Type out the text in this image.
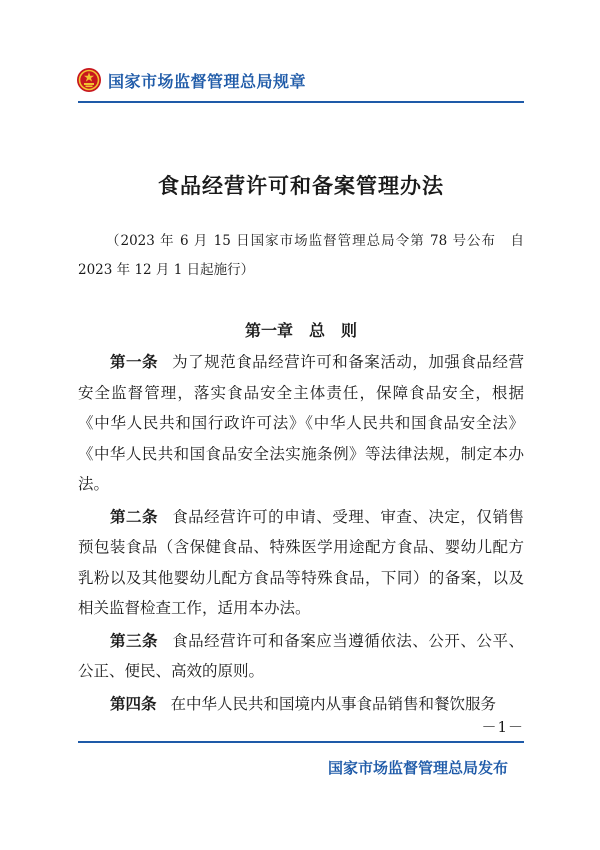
国家市场监督管理总局规章
食品经营许可和备案管理办法

（2023 年 6 月 15 日国家市场监督管理总局令第 78 号公布　自 2023 年 12 月 1 日起施行）

第一章　总　则

第一条 为了规范食品经营许可和备案活动，加强食品经营安全监督管理，落实食品安全主体责任，保障食品安全，根据《中华人民共和国行政许可法》《中华人民共和国食品安全法》《中华人民共和国食品安全法实施条例》等法律法规，制定本办法。

第二条 食品经营许可的申请、受理、审查、决定，仅销售预包装食品（含保健食品、特殊医学用途配方食品、婴幼儿配方乳粉以及其他婴幼儿配方食品等特殊食品，下同）的备案，以及相关监督检查工作，适用本办法。

第三条 食品经营许可和备案应当遵循依法、公开、公平、公正、便民、高效的原则。

第四条 在中华人民共和国境内从事食品销售和餐饮服务

－1－
国家市场监督管理总局发布
